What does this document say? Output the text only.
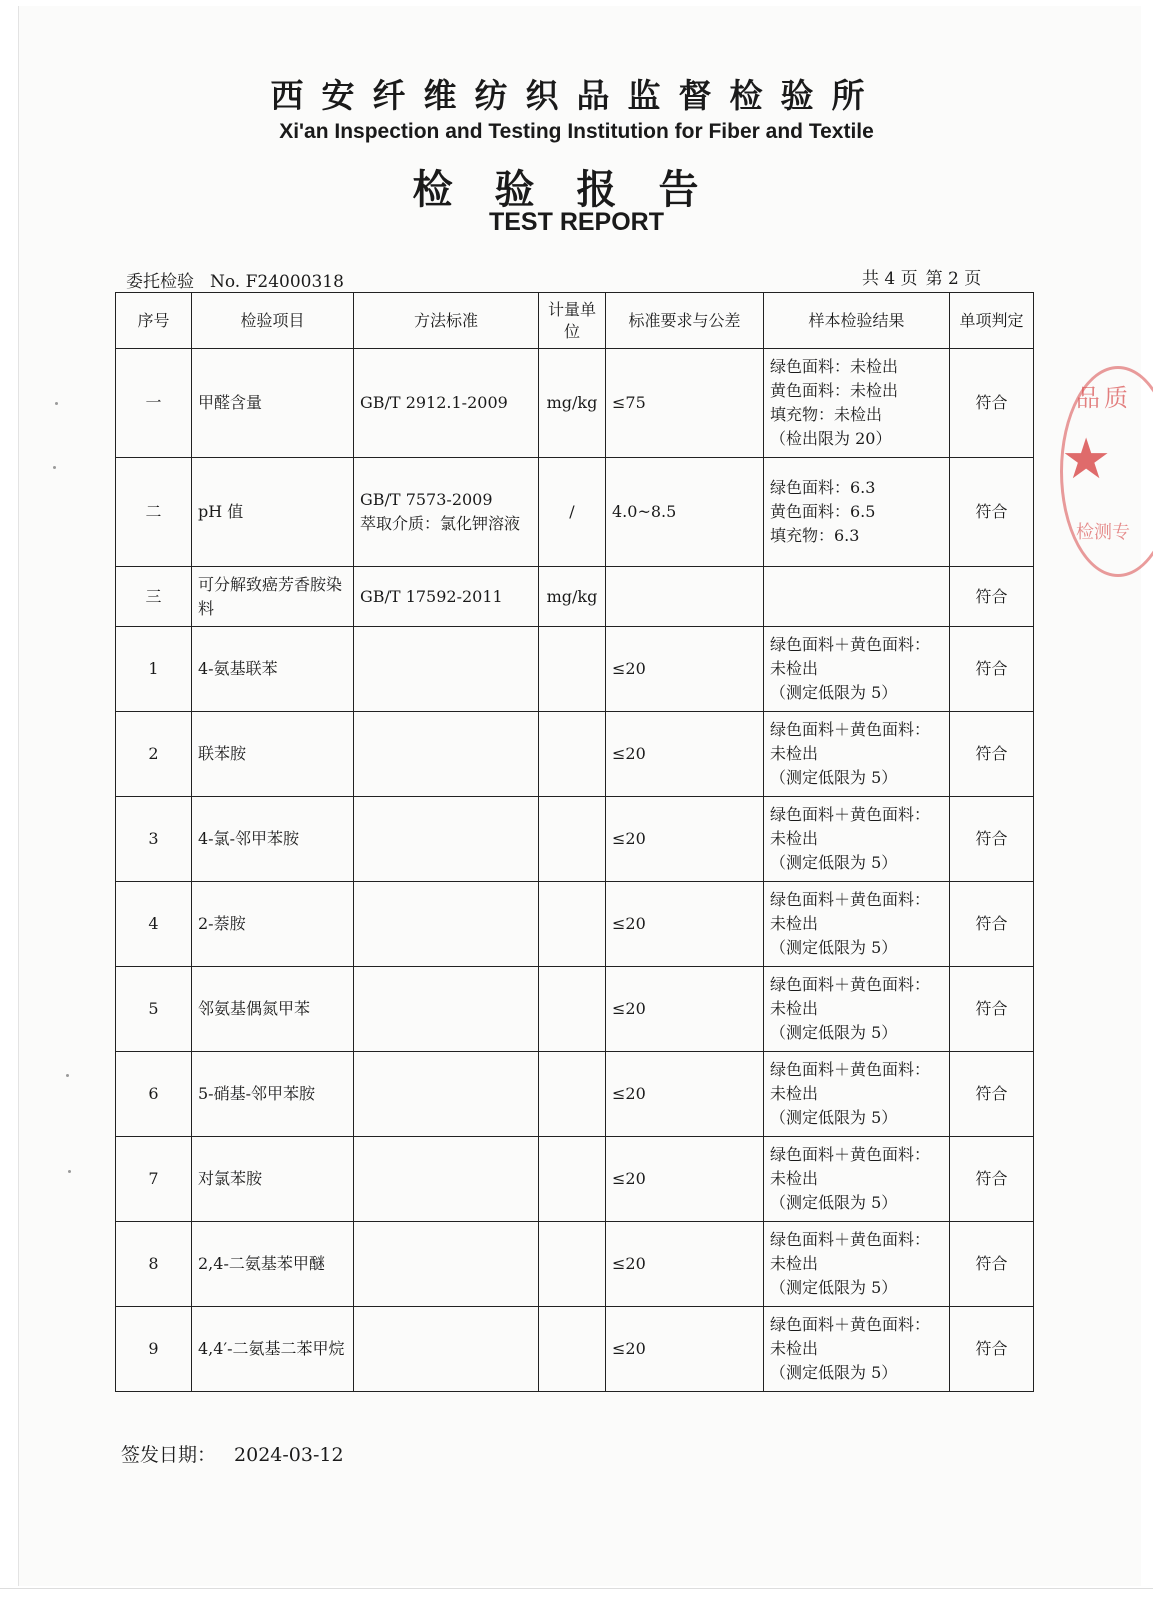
西安纤维纺织品监督检验所
Xi'an Inspection and Testing Institution for Fiber and Textile
检验报告
TEST REPORT
委托检验 No. F24000318	共 4 页 第 2 页
序号	检验项目	方法标准	计量单位	标准要求与公差	样本检验结果	单项判定
一	甲醛含量	GB/T 2912.1-2009	mg/kg	≤75	绿色面料：未检出
黄色面料：未检出
填充物：未检出
（检出限为 20）	符合
二	pH 值	GB/T 7573-2009
萃取介质：氯化钾溶液	/	4.0~8.5	绿色面料：6.3
黄色面料：6.5
填充物：6.3	符合
三	可分解致癌芳香胺染料	GB/T 17592-2011	mg/kg			符合
1	4-氨基联苯			≤20	绿色面料＋黄色面料：未检出
（测定低限为 5）	符合
2	联苯胺			≤20	绿色面料＋黄色面料：未检出
（测定低限为 5）	符合
3	4-氯-邻甲苯胺			≤20	绿色面料＋黄色面料：未检出
（测定低限为 5）	符合
4	2-萘胺			≤20	绿色面料＋黄色面料：未检出
（测定低限为 5）	符合
5	邻氨基偶氮甲苯			≤20	绿色面料＋黄色面料：未检出
（测定低限为 5）	符合
6	5-硝基-邻甲苯胺			≤20	绿色面料＋黄色面料：未检出
（测定低限为 5）	符合
7	对氯苯胺			≤20	绿色面料＋黄色面料：未检出
（测定低限为 5）	符合
8	2,4-二氨基苯甲醚			≤20	绿色面料＋黄色面料：未检出
（测定低限为 5）	符合
9	4,4′-二氨基二苯甲烷			≤20	绿色面料＋黄色面料：未检出
（测定低限为 5）	符合
签发日期： 2024-03-12
品质
★
检测专
